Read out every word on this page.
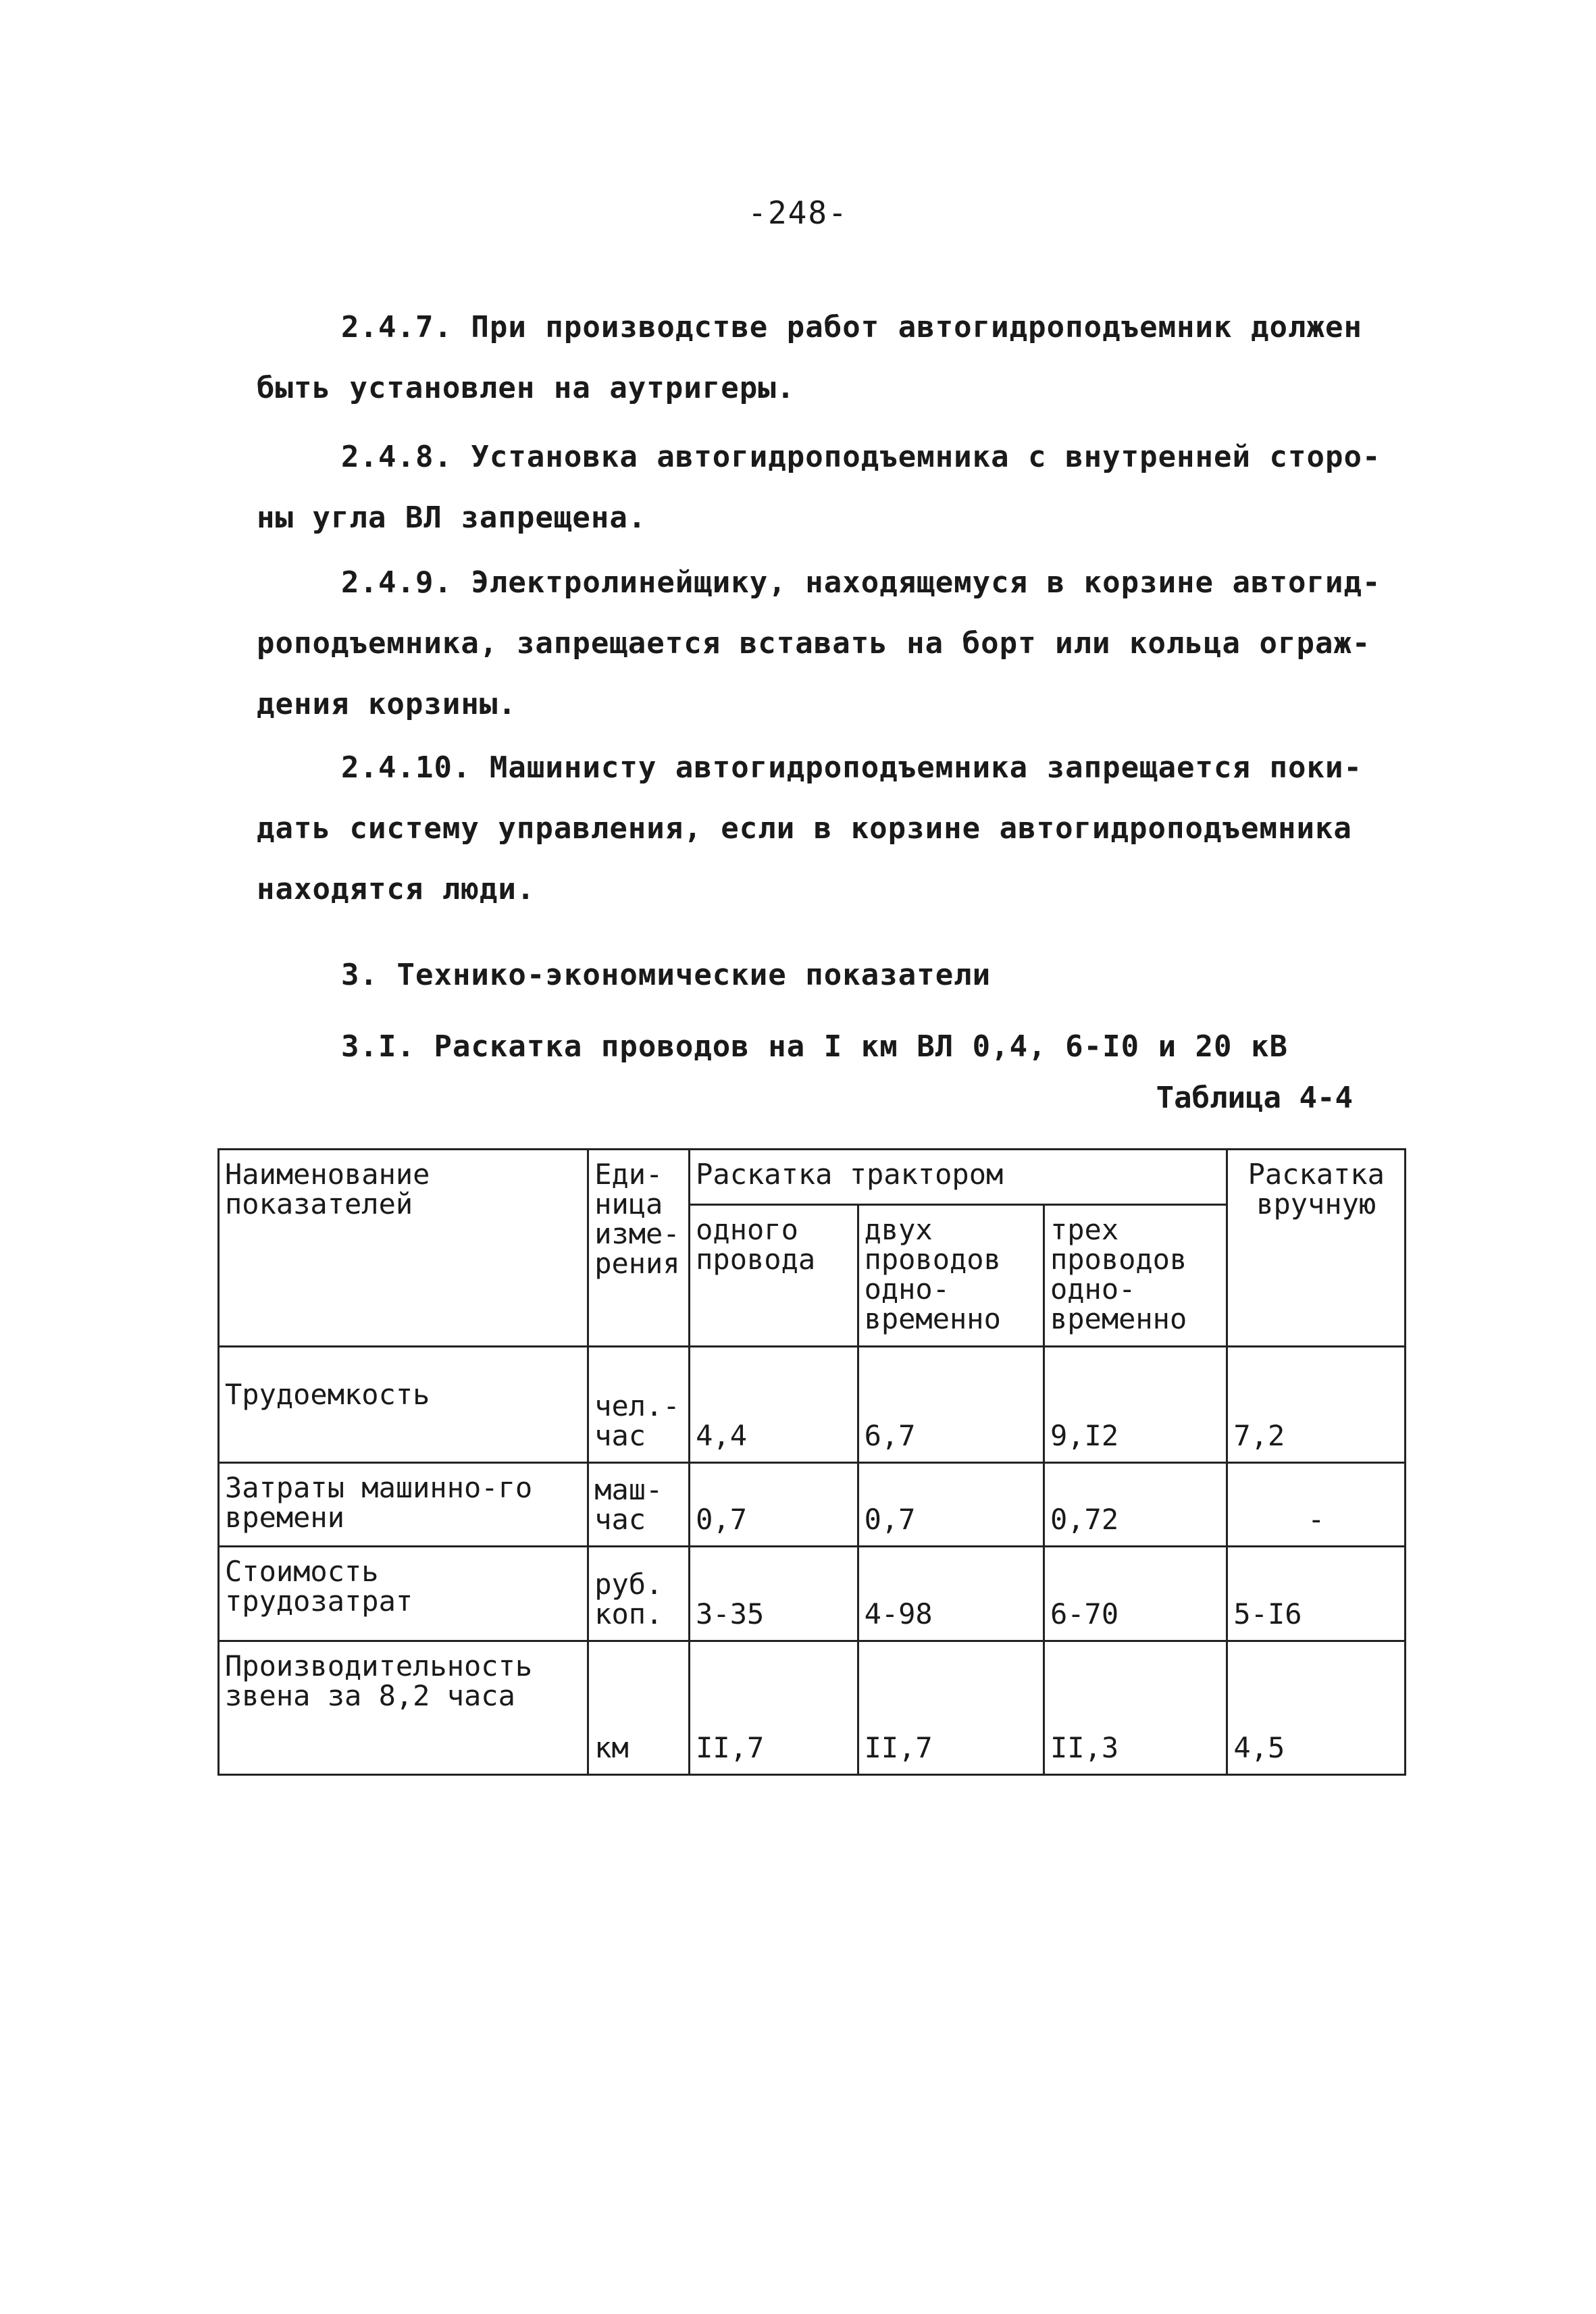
-248-
2.4.7. При производстве работ автогидроподъемник должен
быть установлен на аутригеры.
2.4.8. Установка автогидроподъемника с внутренней сторо-
ны угла ВЛ запрещена.
2.4.9. Электролинейщику, находящемуся в корзине автогид-
роподъемника, запрещается вставать на борт или кольца ограж-
дения корзины.
2.4.10. Машинисту автогидроподъемника запрещается поки-
дать систему управления, если в корзине автогидроподъемника
находятся люди.
3. Технико-экономические показатели
3.I. Раскатка проводов на I км ВЛ 0,4, 6-I0 и 20 кВ
Таблица 4-4
Наименование показателей	Еди-ница изме-рения	Раскатка трактором			Раскатка вручную
		одного провода	двух проводов одно-временно	трех проводов одно-временно	
Трудоемкость	чел.-час	4,4	6,7	9,I2	7,2
Затраты машинно-го времени	маш-час	0,7	0,7	0,72	-
Стоимость трудозатрат	руб. коп.	3-35	4-98	6-70	5-I6
Производительность звена за 8,2 часа	км	II,7	II,7	II,3	4,5
